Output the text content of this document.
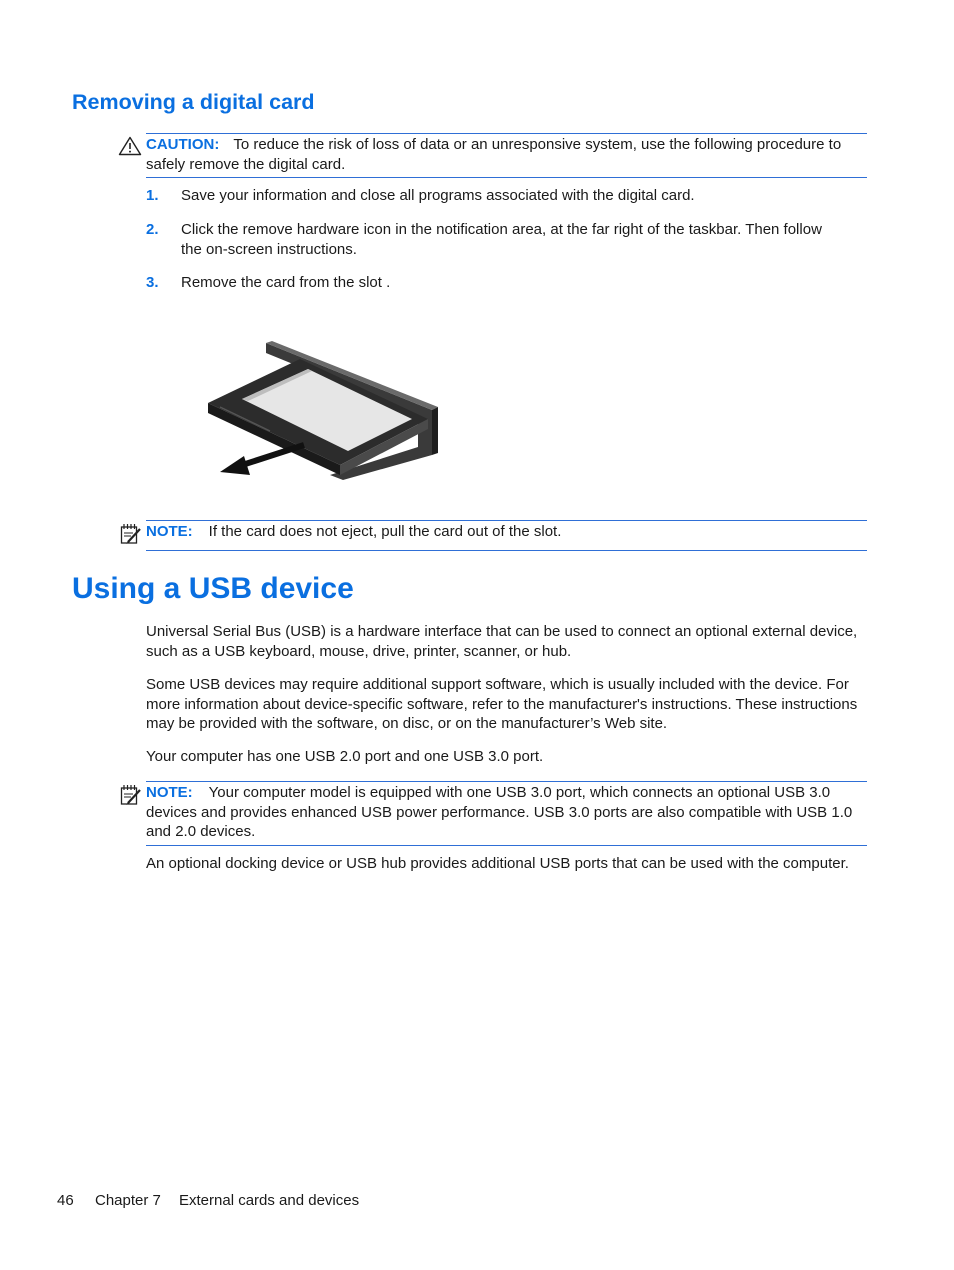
Removing a digital card
CAUTION: To reduce the risk of loss of data or an unresponsive system, use the following procedure to safely remove the digital card.
1. Save your information and close all programs associated with the digital card.
2. Click the remove hardware icon in the notification area, at the far right of the taskbar. Then follow the on-screen instructions.
3. Remove the card from the slot .
NOTE: If the card does not eject, pull the card out of the slot.
Using a USB device

Universal Serial Bus (USB) is a hardware interface that can be used to connect an optional external device, such as a USB keyboard, mouse, drive, printer, scanner, or hub.

Some USB devices may require additional support software, which is usually included with the device. For more information about device-specific software, refer to the manufacturer's instructions. These instructions may be provided with the software, on disc, or on the manufacturer’s Web site.

Your computer has one USB 2.0 port and one USB 3.0 port.

NOTE: Your computer model is equipped with one USB 3.0 port, which connects an optional USB 3.0 devices and provides enhanced USB power performance. USB 3.0 ports are also compatible with USB 1.0 and 2.0 devices.

An optional docking device or USB hub provides additional USB ports that can be used with the computer.

46 Chapter 7 External cards and devices
